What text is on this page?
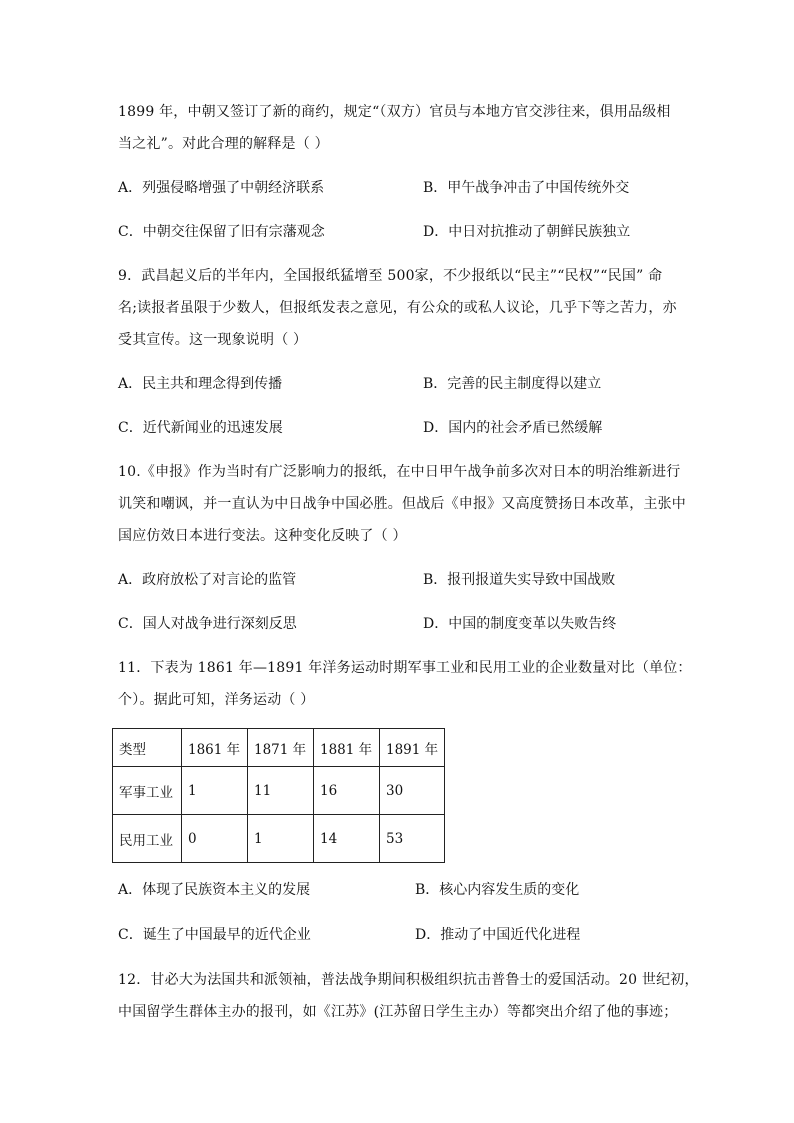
1899 年，中朝又签订了新的商约，规定“（双方）官员与本地方官交涉往来，俱用品级相
当之礼”。对此合理的解释是（ ）
A．列强侵略增强了中朝经济联系	B．甲午战争冲击了中国传统外交
C．中朝交往保留了旧有宗藩观念	D．中日对抗推动了朝鲜民族独立
9．武昌起义后的半年内，全国报纸猛增至 500家，不少报纸以“民主”“民权”“民国” 命
名;读报者虽限于少数人，但报纸发表之意见，有公众的或私人议论，几乎下等之苦力，亦
受其宣传。这一现象说明（ ）
A．民主共和理念得到传播	B．完善的民主制度得以建立
C．近代新闻业的迅速发展	D．国内的社会矛盾已然缓解
10.《申报》作为当时有广泛影响力的报纸，在中日甲午战争前多次对日本的明治维新进行
讥笑和嘲讽，并一直认为中日战争中国必胜。但战后《申报》又高度赞扬日本改革，主张中
国应仿效日本进行变法。这种变化反映了（ ）
A．政府放松了对言论的监管	B．报刊报道失实导致中国战败
C．国人对战争进行深刻反思	D．中国的制度变革以失败告终
11．下表为 1861 年—1891 年洋务运动时期军事工业和民用工业的企业数量对比（单位：
个）。据此可知，洋务运动（ ）
类型	1861 年	1871 年	1881 年	1891 年
军事工业	1	11	16	30
民用工业	0	1	14	53
A．体现了民族资本主义的发展	B．核心内容发生质的变化
C．诞生了中国最早的近代企业	D．推动了中国近代化进程
12．甘必大为法国共和派领袖，普法战争期间积极组织抗击普鲁士的爱国活动。20 世纪初，
中国留学生群体主办的报刊，如《江苏》(江苏留日学生主办）等都突出介绍了他的事迹；
